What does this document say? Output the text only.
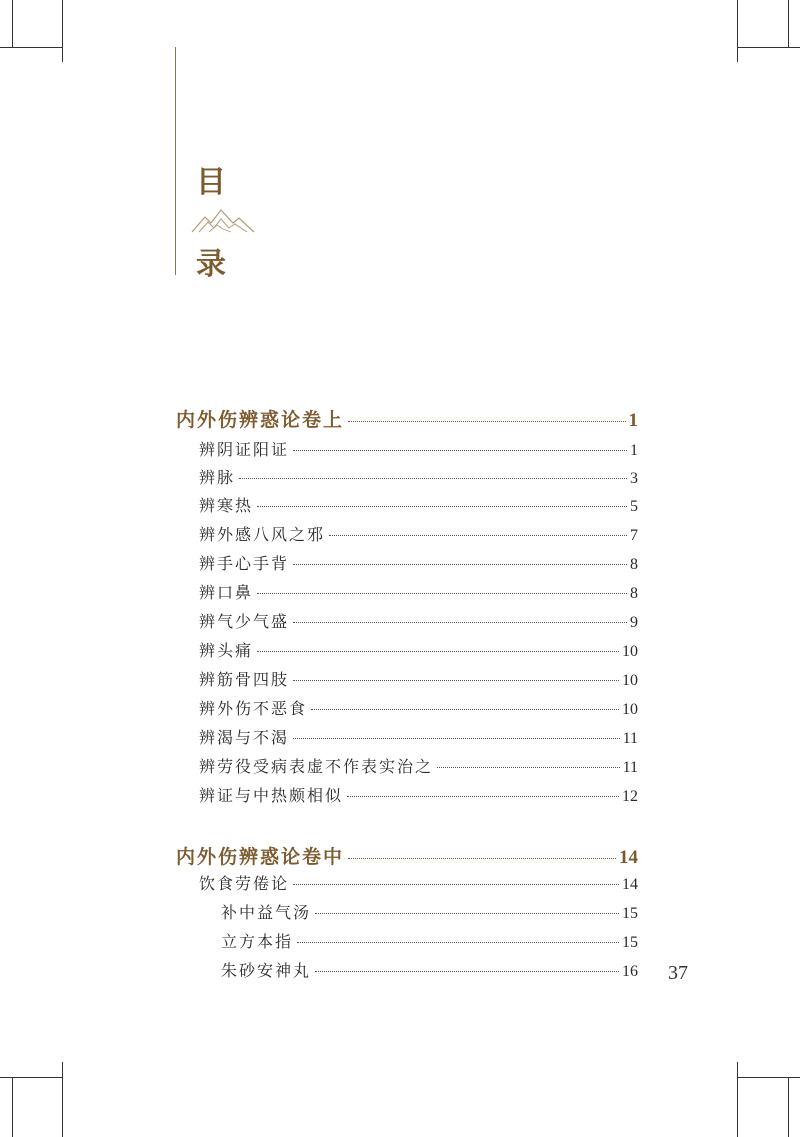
目
录
内外伤辨惑论卷上	1
辨阴证阳证	1
辨脉	3
辨寒热	5
辨外感八风之邪	7
辨手心手背	8
辨口鼻	8
辨气少气盛	9
辨头痛	10
辨筋骨四肢	10
辨外伤不恶食	10
辨渴与不渴	11
辨劳役受病表虚不作表实治之	11
辨证与中热颇相似	12
内外伤辨惑论卷中	14
饮食劳倦论	14
补中益气汤	15
立方本指	15
朱砂安神丸	16 37
